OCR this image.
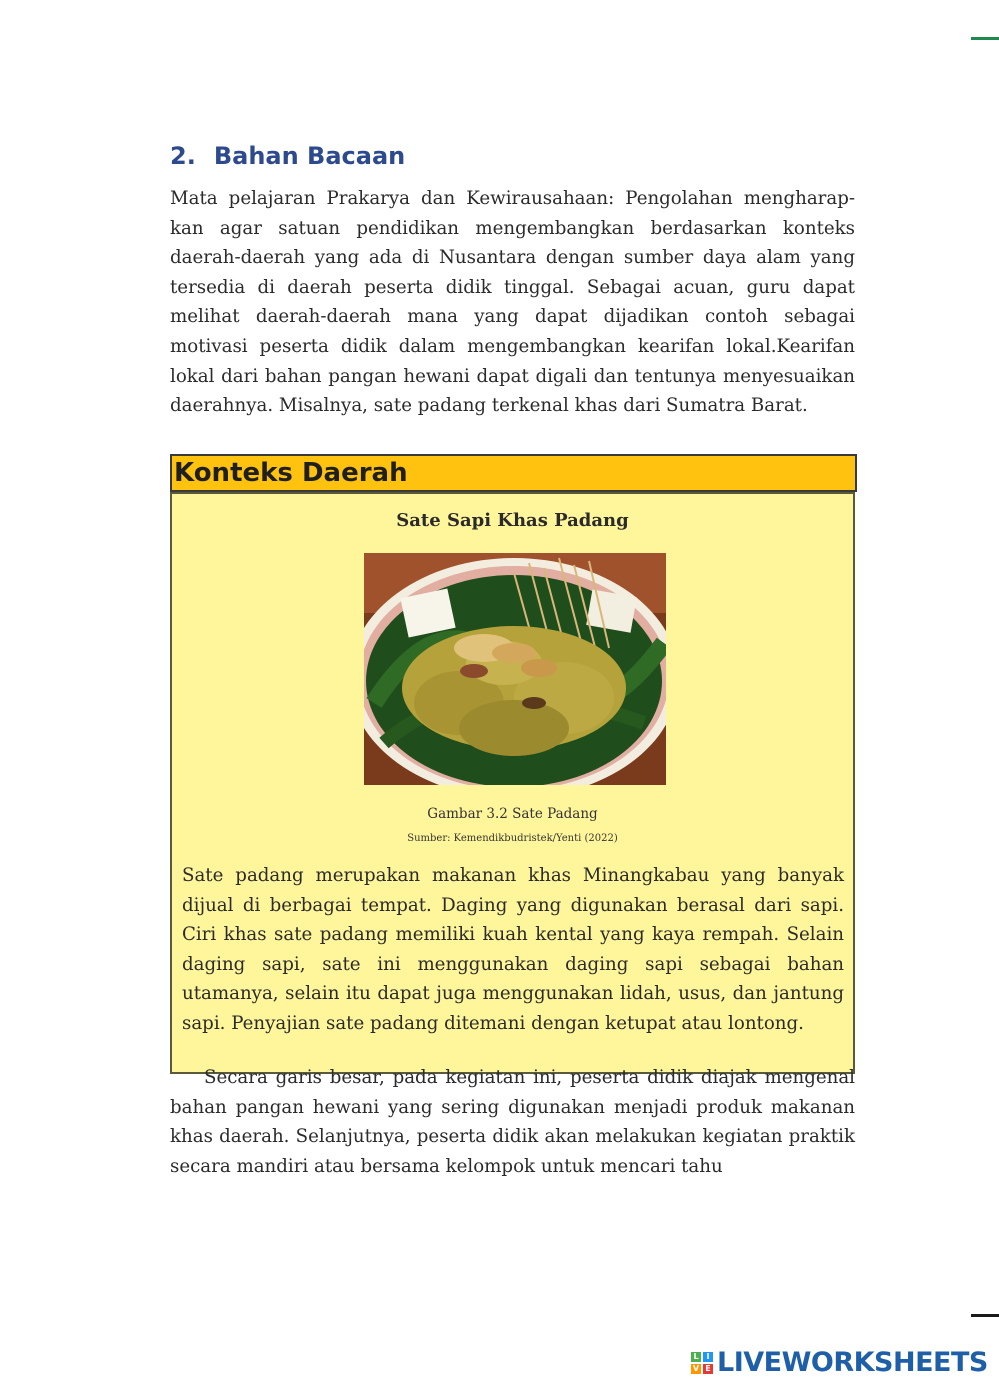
2. Bahan Bacaan
Mata pelajaran Prakarya dan Kewirausahaan: Pengolahan mengharap-kan agar satuan pendidikan mengembangkan berdasarkan konteks daerah-daerah yang ada di Nusantara dengan sumber daya alam yang tersedia di daerah peserta didik tinggal. Sebagai acuan, guru dapat melihat daerah-daerah mana yang dapat dijadikan contoh sebagai motivasi peserta didik dalam mengembangkan kearifan lokal.Kearifan lokal dari bahan pangan hewani dapat digali dan tentunya menyesuaikan daerahnya. Misalnya, sate padang terkenal khas dari Sumatra Barat.
Konteks Daerah
Sate Sapi Khas Padang
Gambar 3.2 Sate Padang
Sumber: Kemendikbudristek/Yenti (2022)
Sate padang merupakan makanan khas Minangkabau yang banyak dijual di berbagai tempat. Daging yang digunakan berasal dari sapi. Ciri khas sate padang memiliki kuah kental yang kaya rempah. Selain daging sapi, sate ini menggunakan daging sapi sebagai bahan utamanya, selain itu dapat juga menggunakan lidah, usus, dan jantung sapi. Penyajian sate padang ditemani dengan ketupat atau lontong.
Secara garis besar, pada kegiatan ini, peserta didik diajak mengenal bahan pangan hewani yang sering digunakan menjadi produk makanan khas daerah. Selanjutnya, peserta didik akan melakukan kegiatan praktik secara mandiri atau bersama kelompok untuk mencari tahu
L I
V E LIVEWORKSHEETS
